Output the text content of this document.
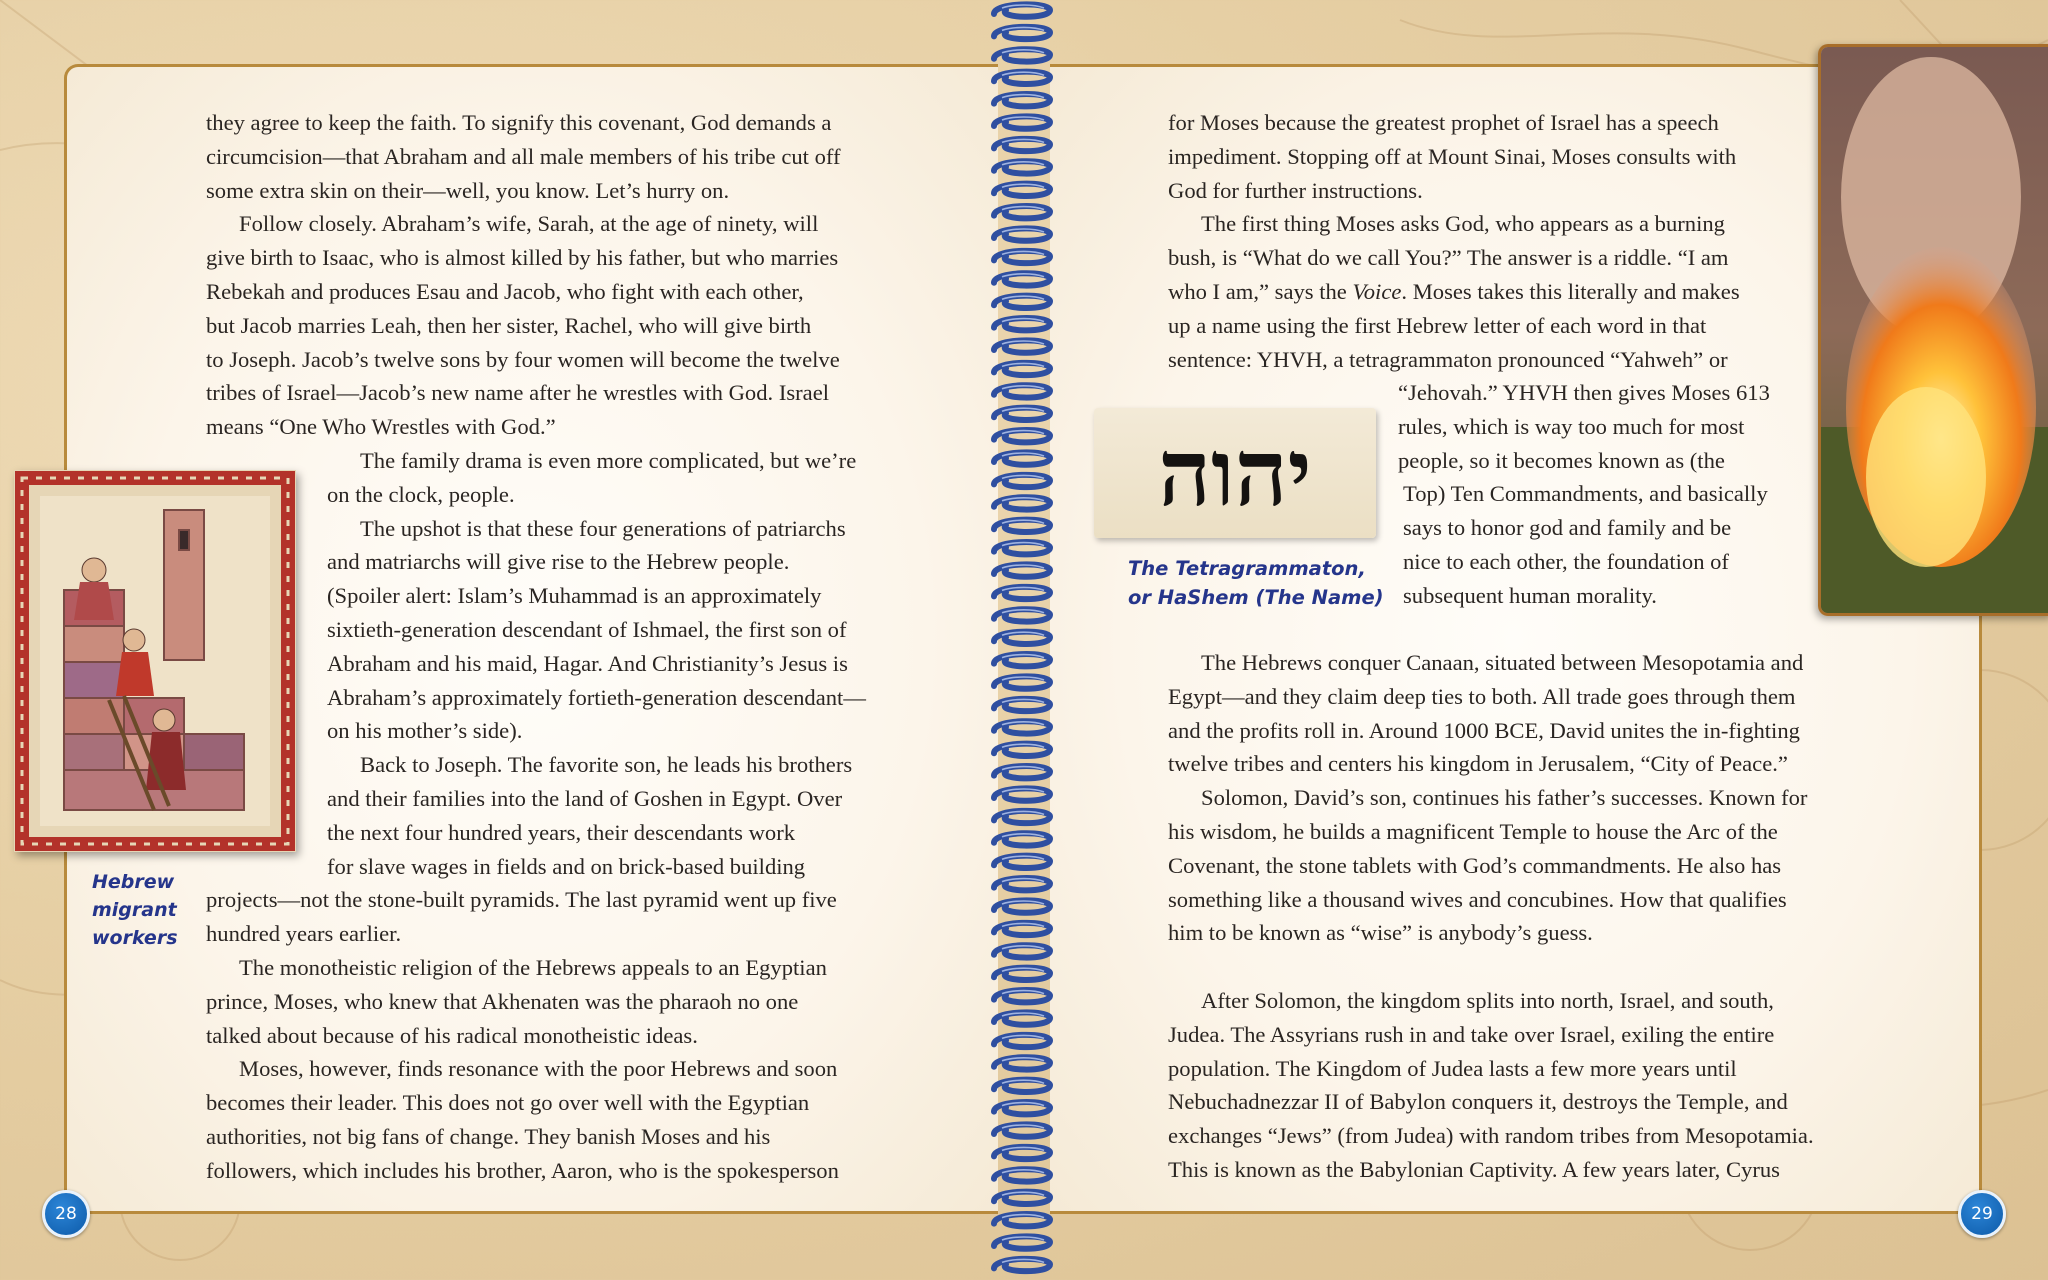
they agree to keep the faith. To signify this covenant, God demands a
circumcision—that Abraham and all male members of his tribe cut off
some extra skin on their—well, you know. Let’s hurry on.
Follow closely. Abraham’s wife, Sarah, at the age of ninety, will
give birth to Isaac, who is almost killed by his father, but who marries
Rebekah and produces Esau and Jacob, who fight with each other,
but Jacob marries Leah, then her sister, Rachel, who will give birth
to Joseph. Jacob’s twelve sons by four women will become the twelve
tribes of Israel—Jacob’s new name after he wrestles with God. Israel
means “One Who Wrestles with God.”
The family drama is even more complicated, but we’re
on the clock, people.
The upshot is that these four generations of patriarchs
and matriarchs will give rise to the Hebrew people.
(Spoiler alert: Islam’s Muhammad is an approximately
sixtieth-generation descendant of Ishmael, the first son of
Abraham and his maid, Hagar. And Christianity’s Jesus is
Abraham’s approximately fortieth-generation descendant—
on his mother’s side).
Back to Joseph. The favorite son, he leads his brothers
and their families into the land of Goshen in Egypt. Over
the next four hundred years, their descendants work
for slave wages in fields and on brick-based building
projects—not the stone-built pyramids. The last pyramid went up five
hundred years earlier.
The monotheistic religion of the Hebrews appeals to an Egyptian
prince, Moses, who knew that Akhenaten was the pharaoh no one
talked about because of his radical monotheistic ideas.
Moses, however, finds resonance with the poor Hebrews and soon
becomes their leader. This does not go over well with the Egyptian
authorities, not big fans of change. They banish Moses and his
followers, which includes his brother, Aaron, who is the spokesperson
Hebrew
migrant
workers
for Moses because the greatest prophet of Israel has a speech
impediment. Stopping off at Mount Sinai, Moses consults with
God for further instructions.
The first thing Moses asks God, who appears as a burning
bush, is “What do we call You?” The answer is a riddle. “I am
who I am,” says the Voice. Moses takes this literally and makes
up a name using the first Hebrew letter of each word in that
sentence: YHVH, a tetragrammaton pronounced “Yahweh” or
“Jehovah.” YHVH then gives Moses 613
rules, which is way too much for most
people, so it becomes known as (the
Top) Ten Commandments, and basically
says to honor god and family and be
nice to each other, the foundation of
subsequent human morality.
The Hebrews conquer Canaan, situated between Mesopotamia and
Egypt—and they claim deep ties to both. All trade goes through them
and the profits roll in. Around 1000 BCE, David unites the in-fighting
twelve tribes and centers his kingdom in Jerusalem, “City of Peace.”
Solomon, David’s son, continues his father’s successes. Known for
his wisdom, he builds a magnificent Temple to house the Arc of the
Covenant, the stone tablets with God’s commandments. He also has
something like a thousand wives and concubines. How that qualifies
him to be known as “wise” is anybody’s guess.

After Solomon, the kingdom splits into north, Israel, and south,
Judea. The Assyrians rush in and take over Israel, exiling the entire
population. The Kingdom of Judea lasts a few more years until
Nebuchadnezzar II of Babylon conquers it, destroys the Temple, and
exchanges “Jews” (from Judea) with random tribes from Mesopotamia.
This is known as the Babylonian Captivity. A few years later, Cyrus
יהוה
The Tetragrammaton,
or HaShem (The Name)
28	29
